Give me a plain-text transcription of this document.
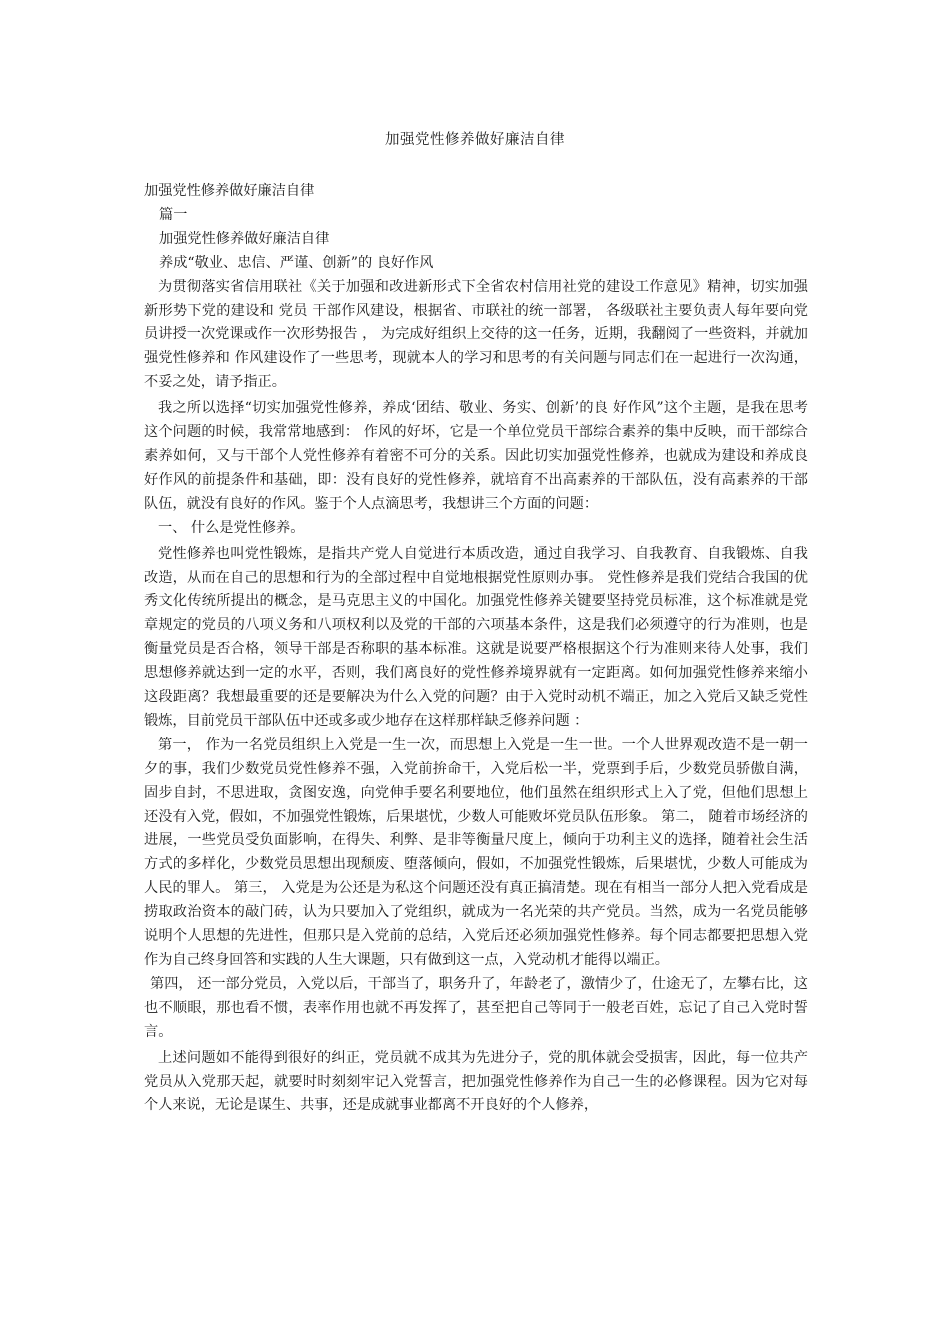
加强党性修养做好廉洁自律
加强党性修养做好廉洁自律
篇一
加强党性修养做好廉洁自律
养成“敬业、忠信、严谨、创新”的 良好作风

为贯彻落实省信用联社《关于加强和改进新形式下全省农村信用社党的建设工作意见》精神，切实加强新形势下党的建设和 党员 干部作风建设，根据省、市联社的统一部署， 各级联社主要负责人每年要向党员讲授一次党课或作一次形势报告 ， 为完成好组织上交待的这一任务，近期，我翻阅了一些资料，并就加强党性修养和 作风建设作了一些思考，现就本人的学习和思考的有关问题与同志们在一起进行一次沟通，不妥之处，请予指正。

我之所以选择“切实加强党性修养，养成‘团结、敬业、务实、创新’的良 好作风”这个主题，是我在思考这个问题的时候，我常常地感到： 作风的好坏，它是一个单位党员干部综合素养的集中反映，而干部综合素养如何，又与干部个人党性修养有着密不可分的关系。因此切实加强党性修养，也就成为建设和养成良好作风的前提条件和基础，即：没有良好的党性修养，就培育不出高素养的干部队伍，没有高素养的干部队伍，就没有良好的作风。鉴于个人点滴思考，我想讲三个方面的问题：

一、 什么是党性修养。

党性修养也叫党性锻炼，是指共产党人自觉进行本质改造，通过自我学习、自我教育、自我锻炼、自我改造，从而在自己的思想和行为的全部过程中自觉地根据党性原则办事。 党性修养是我们党结合我国的优秀文化传统所提出的概念，是马克思主义的中国化。加强党性修养关键要坚持党员标准，这个标准就是党章规定的党员的八项义务和八项权利以及党的干部的六项基本条件，这是我们必须遵守的行为准则，也是衡量党员是否合格，领导干部是否称职的基本标准。这就是说要严格根据这个行为准则来待人处事，我们思想修养就达到一定的水平，否则，我们离良好的党性修养境界就有一定距离。如何加强党性修养来缩小这段距离？我想最重要的还是要解决为什么入党的问题？由于入党时动机不端正，加之入党后又缺乏党性锻炼，目前党员干部队伍中还或多或少地存在这样那样缺乏修养问题 ：

第一， 作为一名党员组织上入党是一生一次，而思想上入党是一生一世。一个人世界观改造不是一朝一夕的事，我们少数党员党性修养不强，入党前拚命干，入党后松一半，党票到手后，少数党员骄傲自满，固步自封，不思进取，贪图安逸，向党伸手要名利要地位，他们虽然在组织形式上入了党，但他们思想上还没有入党，假如，不加强党性锻炼，后果堪忧，少数人可能败坏党员队伍形象。 第二， 随着市场经济的进展，一些党员受负面影响，在得失、利弊、是非等衡量尺度上，倾向于功利主义的选择，随着社会生活方式的多样化，少数党员思想出现颓废、堕落倾向，假如，不加强党性锻炼，后果堪忧，少数人可能成为人民的罪人。 第三， 入党是为公还是为私这个问题还没有真正搞清楚。现在有相当一部分人把入党看成是捞取政治资本的敲门砖，认为只要加入了党组织，就成为一名光荣的共产党员。当然，成为一名党员能够说明个人思想的先进性，但那只是入党前的总结，入党后还必须加强党性修养。每个同志都要把思想入党作为自己终身回答和实践的人生大课题，只有做到这一点，入党动机才能得以端正。

第四， 还一部分党员，入党以后，干部当了，职务升了，年龄老了，激情少了，仕途无了，左攀右比，这也不顺眼，那也看不惯，表率作用也就不再发挥了，甚至把自己等同于一般老百姓，忘记了自己入党时誓言。

上述问题如不能得到很好的纠正，党员就不成其为先进分子，党的肌体就会受损害，因此，每一位共产党员从入党那天起，就要时时刻刻牢记入党誓言，把加强党性修养作为自己一生的必修课程。因为它对每个人来说，无论是谋生、共事，还是成就事业都离不开良好的个人修养，
